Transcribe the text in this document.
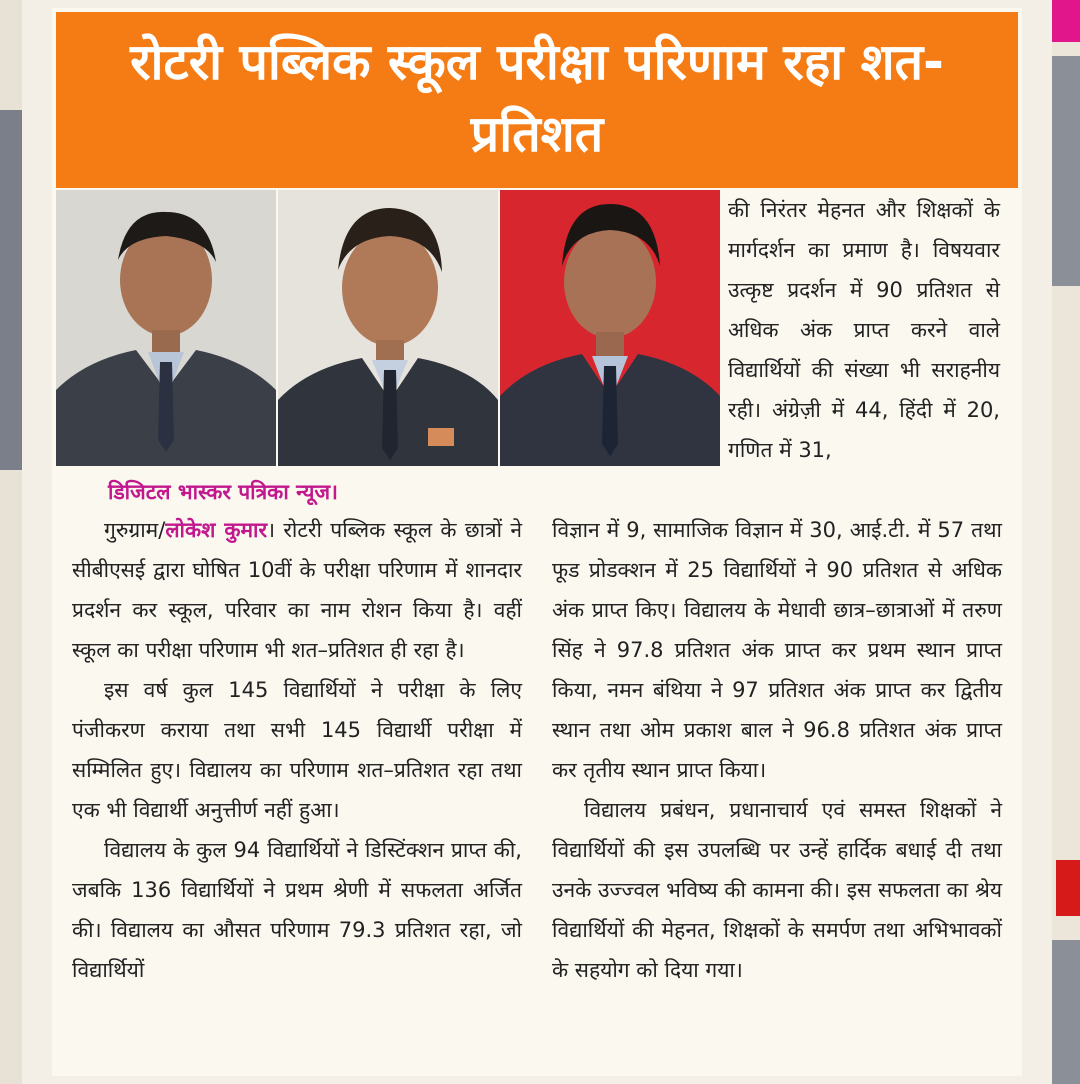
रोटरी पब्लिक स्कूल परीक्षा परिणाम रहा शत-प्रतिशत

की निरंतर मेहनत और शिक्षकों के मार्गदर्शन का प्रमाण है। विषयवार उत्कृष्ट प्रदर्शन में 90 प्रतिशत से अधिक अंक प्राप्त करने वाले विद्यार्थियों की संख्या भी सराहनीय रही। अंग्रेज़ी में 44, हिंदी में 20, गणित में 31,

डिजिटल भास्कर पत्रिका न्यूज।

गुरुग्राम/लोकेश कुमार। रोटरी पब्लिक स्कूल के छात्रों ने सीबीएसई द्वारा घोषित 10वीं के परीक्षा परिणाम में शानदार प्रदर्शन कर स्कूल, परिवार का नाम रोशन किया है। वहीं स्कूल का परीक्षा परिणाम भी शत–प्रतिशत ही रहा है।

इस वर्ष कुल 145 विद्यार्थियों ने परीक्षा के लिए पंजीकरण कराया तथा सभी 145 विद्यार्थी परीक्षा में सम्मिलित हुए। विद्यालय का परिणाम शत–प्रतिशत रहा तथा एक भी विद्यार्थी अनुत्तीर्ण नहीं हुआ।

विद्यालय के कुल 94 विद्यार्थियों ने डिस्टिंक्शन प्राप्त की, जबकि 136 विद्यार्थियों ने प्रथम श्रेणी में सफलता अर्जित की। विद्यालय का औसत परिणाम 79.3 प्रतिशत रहा, जो विद्यार्थियों

विज्ञान में 9, सामाजिक विज्ञान में 30, आई.टी. में 57 तथा फूड प्रोडक्शन में 25 विद्यार्थियों ने 90 प्रतिशत से अधिक अंक प्राप्त किए। विद्यालय के मेधावी छात्र–छात्राओं में तरुण सिंह ने 97.8 प्रतिशत अंक प्राप्त कर प्रथम स्थान प्राप्त किया, नमन बंथिया ने 97 प्रतिशत अंक प्राप्त कर द्वितीय स्थान तथा ओम प्रकाश बाल ने 96.8 प्रतिशत अंक प्राप्त कर तृतीय स्थान प्राप्त किया।

विद्यालय प्रबंधन, प्रधानाचार्य एवं समस्त शिक्षकों ने विद्यार्थियों की इस उपलब्धि पर उन्हें हार्दिक बधाई दी तथा उनके उज्ज्वल भविष्य की कामना की। इस सफलता का श्रेय विद्यार्थियों की मेहनत, शिक्षकों के समर्पण तथा अभिभावकों के सहयोग को दिया गया।
